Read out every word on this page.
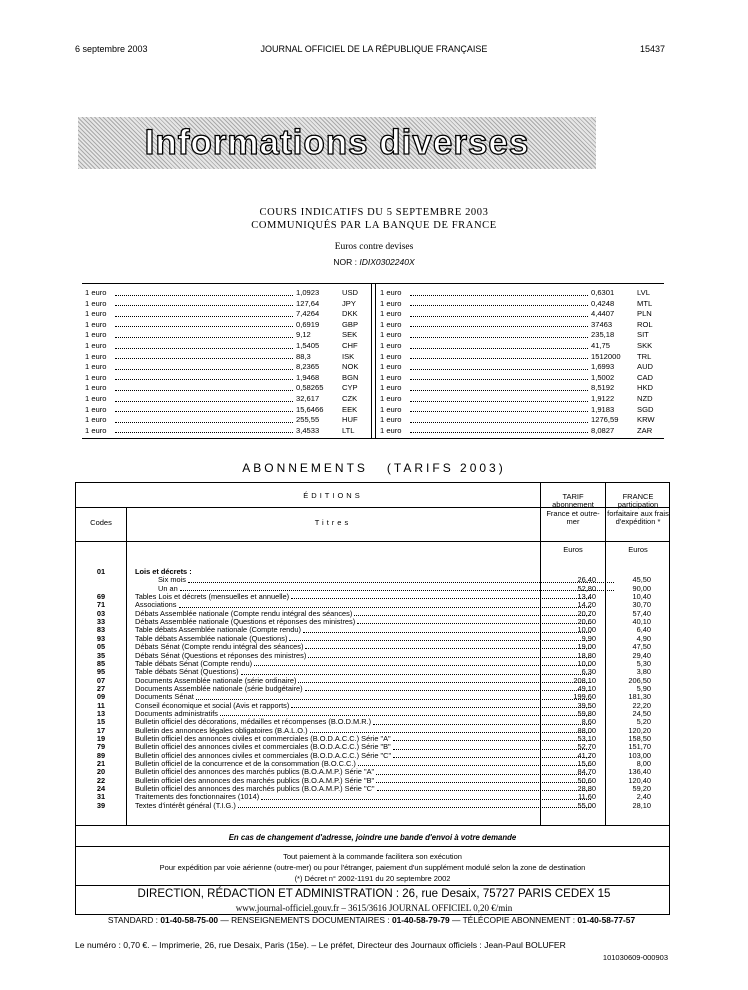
6 septembre 2003	JOURNAL OFFICIEL DE LA RÉPUBLIQUE FRANÇAISE	15437
Informations diverses
COURS INDICATIFS DU 5 SEPTEMBRE 2003
COMMUNIQUÉS PAR LA BANQUE DE FRANCE
Euros contre devises
NOR : IDIX0302240X
1 euro	1,0923	USD
1 euro	127,64	JPY
1 euro	7,4264	DKK
1 euro	0,6919	GBP
1 euro	9,12	SEK
1 euro	1,5405	CHF
1 euro	88,3	ISK
1 euro	8,2365	NOK
1 euro	1,9468	BGN
1 euro	0,58265	CYP
1 euro	32,617	CZK
1 euro	15,6466	EEK
1 euro	255,55	HUF
1 euro	3,4533	LTL
1 euro	0,6301	LVL
1 euro	0,4248	MTL
1 euro	4,4407	PLN
1 euro	37463	ROL
1 euro	235,18	SIT
1 euro	41,75	SKK
1 euro	1512000	TRL
1 euro	1,6993	AUD
1 euro	1,5002	CAD
1 euro	8,5192	HKD
1 euro	1,9122	NZD
1 euro	1,9183	SGD
1 euro	1276,59	KRW
1 euro	8,0827	ZAR
ABONNEMENTS   (TARIFS 2003)
ÉDITIONS
Codes	Titres
TARIF abonnement France et outre-mer
FRANCE participation forfaitaire aux frais d'expédition *
Euros	Euros
01	Lois et décrets :
Six mois	26,40	45,50
Un an	52,80	90,00
69	Tables Lois et décrets (mensuelles et annuelle)	13,40	10,40
71	Associations	14,20	30,70
03	Débats Assemblée nationale (Compte rendu intégral des séances)	20,70	57,40
33	Débats Assemblée nationale (Questions et réponses des ministres)	20,60	40,10
83	Table débats Assemblée nationale (Compte rendu)	10,00	6,40
93	Table débats Assemblée nationale (Questions)	9,90	4,90
05	Débats Sénat (Compte rendu intégral des séances)	19,00	47,50
35	Débats Sénat (Questions et réponses des ministres)	18,80	29,40
85	Table débats Sénat (Compte rendu)	10,00	5,30
95	Table débats Sénat (Questions)	6,30	3,80
07	Documents Assemblée nationale (série ordinaire)	208,10	206,50
27	Documents Assemblée nationale (série budgétaire)	49,10	5,90
09	Documents Sénat	199,60	181,30
11	Conseil économique et social (Avis et rapports)	39,50	22,20
13	Documents administratifs	59,80	24,50
15	Bulletin officiel des décorations, médailles et récompenses (B.O.D.M.R.)	8,60	5,20
17	Bulletin des annonces légales obligatoires (B.A.L.O.)	88,00	120,20
19	Bulletin officiel des annonces civiles et commerciales (B.O.D.A.C.C.) Série "A"	53,10	158,50
79	Bulletin officiel des annonces civiles et commerciales (B.O.D.A.C.C.) Série "B"	52,70	151,70
89	Bulletin officiel des annonces civiles et commerciales (B.O.D.A.C.C.) Série "C"	41,70	103,00
21	Bulletin officiel de la concurrence et de la consommation (B.O.C.C.)	15,60	8,00
20	Bulletin officiel des annonces des marchés publics (B.O.A.M.P.) Série "A"	84,70	136,40
22	Bulletin officiel des annonces des marchés publics (B.O.A.M.P.) Série "B"	50,60	120,40
24	Bulletin officiel des annonces des marchés publics (B.O.A.M.P.) Série "C"	28,80	59,20
31	Traitements des fonctionnaires (1014)	11,60	2,40
39	Textes d'intérêt général (T.I.G.)	55,00	28,10
En cas de changement d'adresse, joindre une bande d'envoi à votre demande
Tout paiement à la commande facilitera son exécution
Pour expédition par voie aérienne (outre-mer) ou pour l'étranger, paiement d'un supplément modulé selon la zone de destination
(*) Décret n° 2002-1191 du 20 septembre 2002
DIRECTION, RÉDACTION ET ADMINISTRATION : 26, rue Desaix, 75727 PARIS CEDEX 15
www.journal-officiel.gouv.fr – 3615/3616 JOURNAL OFFICIEL 0,20 €/min
STANDARD : 01-40-58-75-00 — RENSEIGNEMENTS DOCUMENTAIRES : 01-40-58-79-79 — TÉLÉCOPIE ABONNEMENT : 01-40-58-77-57
Le numéro : 0,70 €. – Imprimerie, 26, rue Desaix, Paris (15e). – Le préfet, Directeur des Journaux officiels : Jean-Paul BOLUFER
101030609-000903
